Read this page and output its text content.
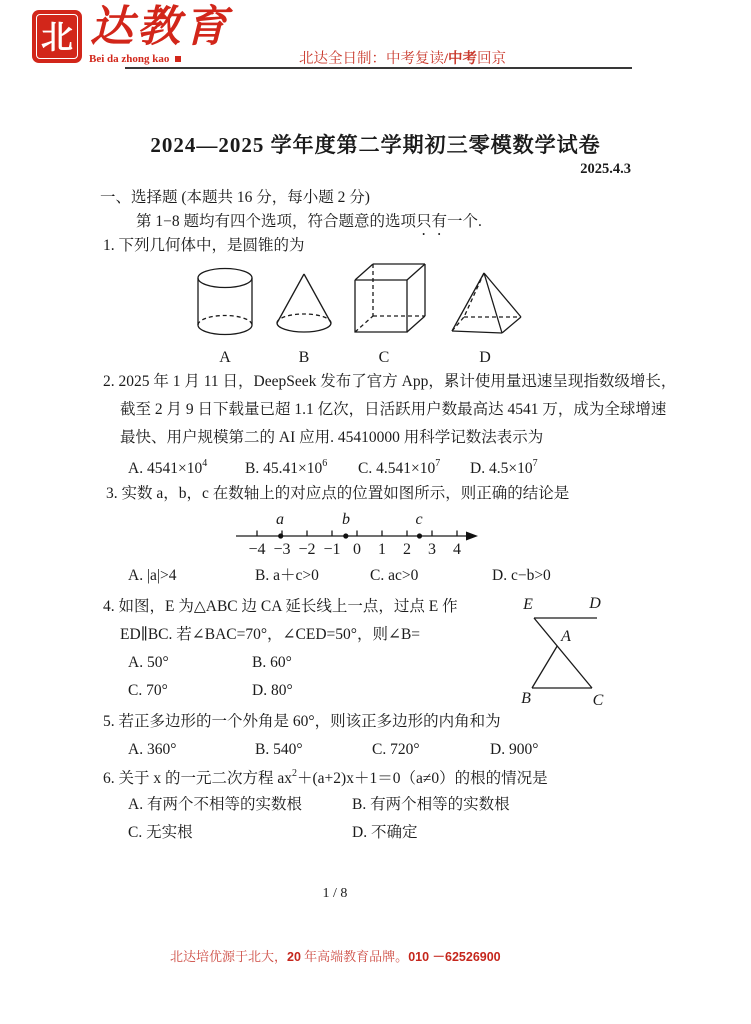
北 达教育
Bei da zhong kao	北达全日制：中考复读/中考回京
2024—2025 学年度第二学期初三零模数学试卷
2025.4.3
一、选择题 (本题共 16 分，每小题 2 分)
第 1−8 题均有四个选项，符合题意的选项只有一个.
1. 下列几何体中，是圆锥的为
A	B	C	D
2. 2025 年 1 月 11 日，DeepSeek 发布了官方 App，累计使用量迅速呈现指数级增长，
截至 2 月 9 日下载量已超 1.1 亿次，日活跃用户数最高达 4541 万，成为全球增速
最快、用户规模第二的 AI 应用. 45410000 用科学记数法表示为
A. $4541\times 10^4$ B. $45.41\times 10^6$ C. $4.541\times 10^7$ D. $4.5\times 10^7$
3. 实数 a，b，c 在数轴上的对应点的位置如图所示，则正确的结论是
−4 −3 −2 −1 0 1 2 3 4
a	b	c
A. |a|>4	B. a＋c>0	C. ac>0	D. c−b>0
4. 如图，E 为△ABC 边 CA 延长线上一点，过点 E 作
ED∥BC. 若∠BAC=70°，∠CED=50°，则∠B=
A. 50°	B. 60°
C. 70°	D. 80°
E	D
A
B	C
5. 若正多边形的一个外角是 60°，则该正多边形的内角和为
A. 360°	B. 540°	C. 720°	D. 900°
6. 关于 x 的一元二次方程 $ax^2+(a+2)x+1=0(a\ne 0)$的根的情况是
A. 有两个不相等的实数根	B. 有两个相等的实数根
C. 无实根	D. 不确定
1 / 8
北达培优源于北大，20 年高端教育品牌。010 －62526900
